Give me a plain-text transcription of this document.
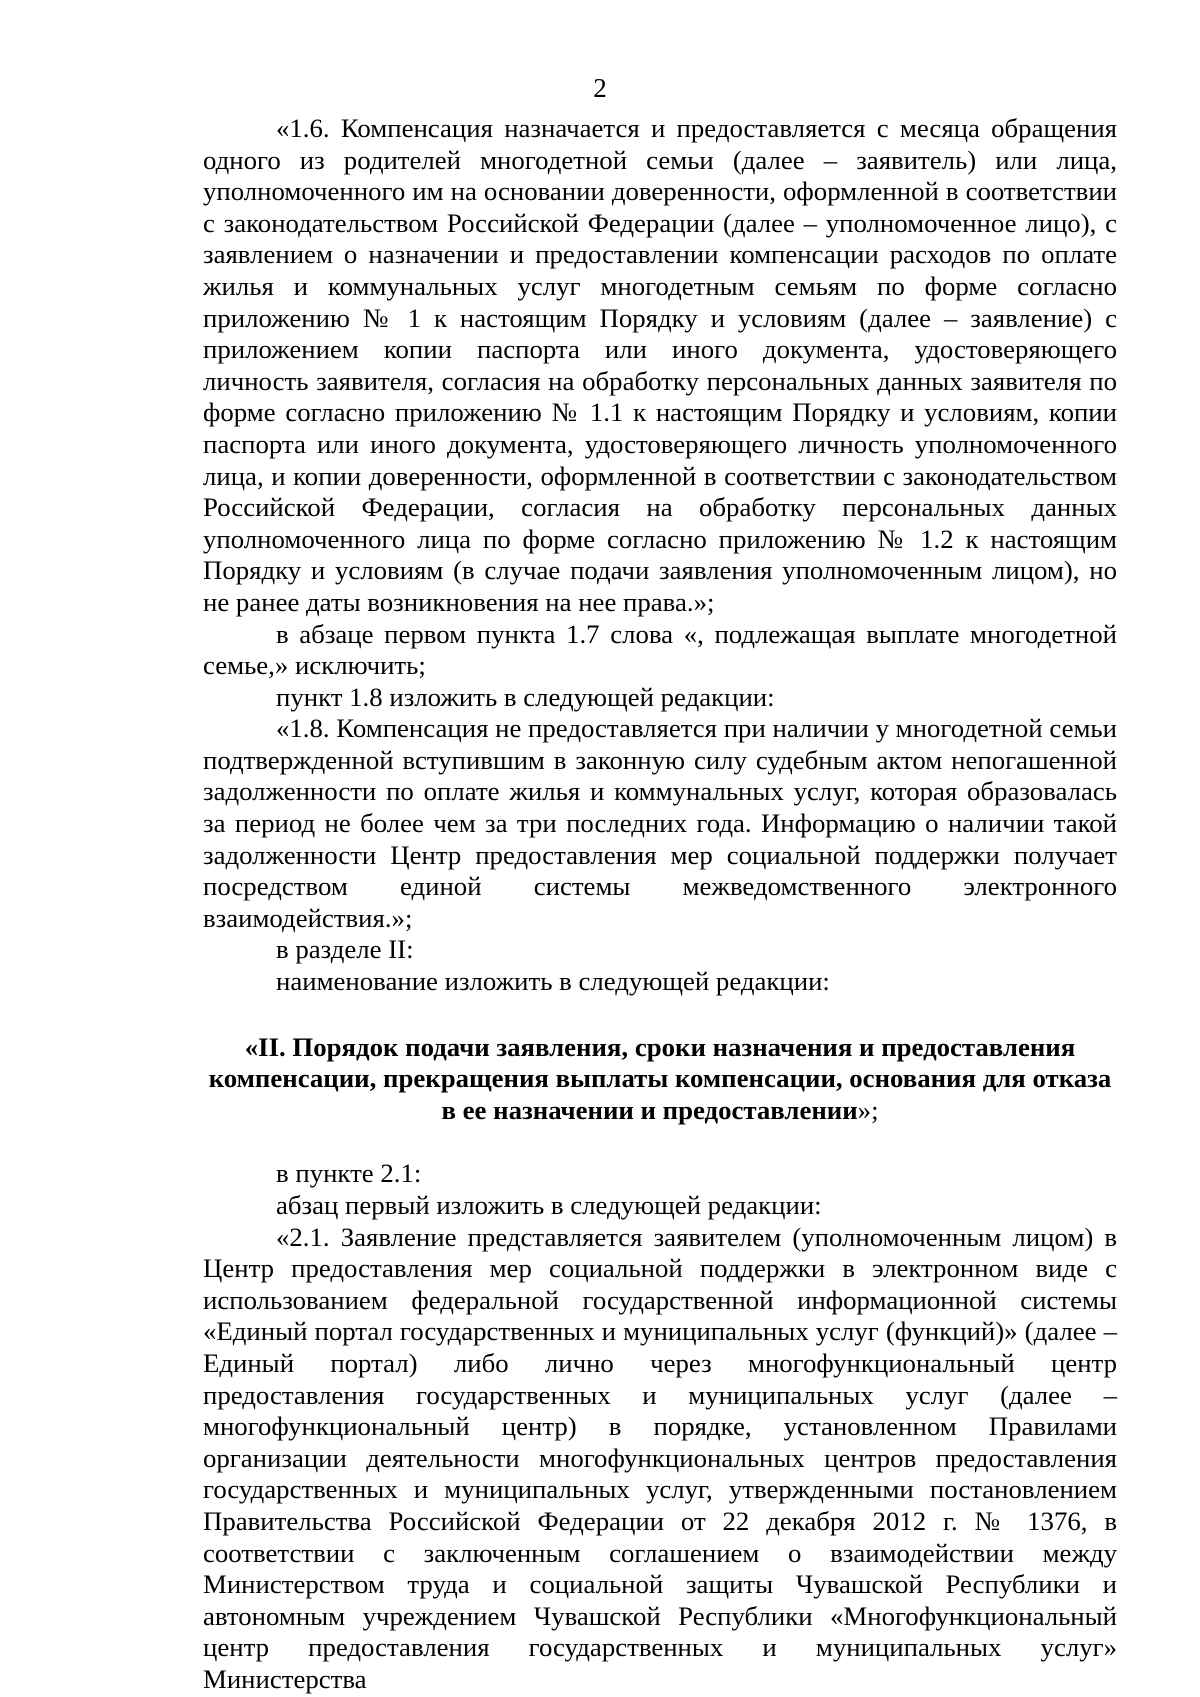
2

«1.6. Компенсация назначается и предоставляется с месяца обращения одного из родителей многодетной семьи (далее – заявитель) или лица, уполномоченного им на основании доверенности, оформленной в соответствии с законодательством Российской Федерации (далее – уполномоченное лицо), с заявлением о назначении и предоставлении компенсации расходов по оплате жилья и коммунальных услуг многодетным семьям по форме согласно приложению № 1 к настоящим Порядку и условиям (далее – заявление) с приложением копии паспорта или иного документа, удостоверяющего личность заявителя, согласия на обработку персональных данных заявителя по форме согласно приложению № 1.1 к настоящим Порядку и условиям, копии паспорта или иного документа, удостоверяющего личность уполномоченного лица, и копии доверенности, оформленной в соответствии с законодательством Российской Федерации, согласия на обработку персональных данных уполномоченного лица по форме согласно приложению № 1.2 к настоящим Порядку и условиям (в случае подачи заявления уполномоченным лицом), но не ранее даты возникновения на нее права.»;

в абзаце первом пункта 1.7 слова «, подлежащая выплате многодетной семье,» исключить;

пункт 1.8 изложить в следующей редакции:

«1.8. Компенсация не предоставляется при наличии у многодетной семьи подтвержденной вступившим в законную силу судебным актом непогашенной задолженности по оплате жилья и коммунальных услуг, которая образовалась за период не более чем за три последних года. Информацию о наличии такой задолженности Центр предоставления мер социальной поддержки получает посредством единой системы межведомственного электронного взаимодействия.»;

в разделе II:

наименование изложить в следующей редакции:

«II. Порядок подачи заявления, сроки назначения и предоставления
компенсации, прекращения выплаты компенсации, основания для отказа
в ее назначении и предоставлении»;

в пункте 2.1:

абзац первый изложить в следующей редакции:

«2.1. Заявление представляется заявителем (уполномоченным лицом) в Центр предоставления мер социальной поддержки в электронном виде с использованием федеральной государственной информационной системы «Единый портал государственных и муниципальных услуг (функций)» (далее – Единый портал) либо лично через многофункциональный центр предоставления государственных и муниципальных услуг (далее – многофункциональный центр) в порядке, установленном Правилами организации деятельности многофункциональных центров предоставления государственных и муниципальных услуг, утвержденными постановлением Правительства Российской Федерации от 22 декабря 2012 г. № 1376, в соответствии с заключенным соглашением о взаимодействии между Министерством труда и социальной защиты Чувашской Республики и автономным учреждением Чувашской Республики «Многофункциональный центр предоставления государственных и муниципальных услуг» Министерства
